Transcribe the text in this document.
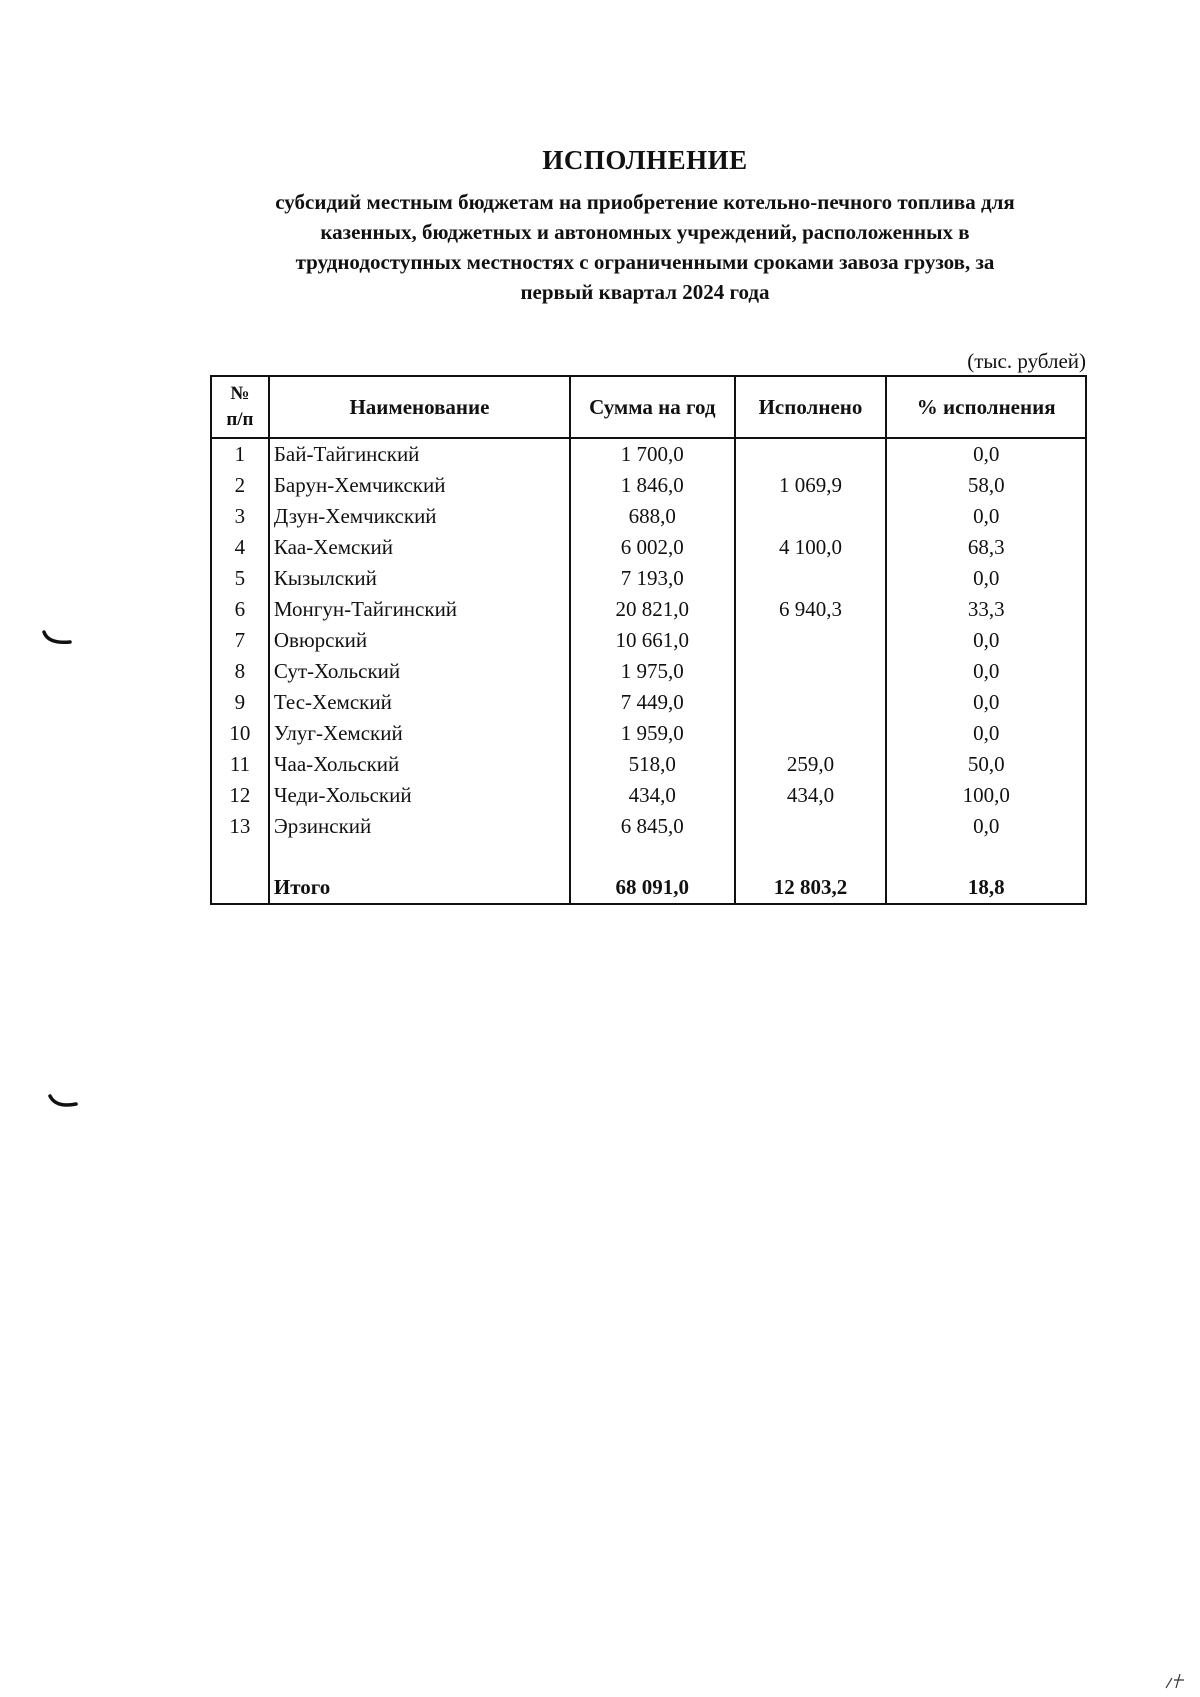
ИСПОЛНЕНИЕ
субсидий местным бюджетам на приобретение котельно-печного топлива для
казенных, бюджетных и автономных учреждений, расположенных в
труднодоступных местностях с ограниченными сроками завоза грузов, за
первый квартал 2024 года
(тыс. рублей)
№
п/п	Наименование	Сумма на год	Исполнено	% исполнения
1	Бай-Тайгинский	1 700,0		0,0
2	Барун-Хемчикский	1 846,0	1 069,9	58,0
3	Дзун-Хемчикский	688,0		0,0
4	Каа-Хемский	6 002,0	4 100,0	68,3
5	Кызылский	7 193,0		0,0
6	Монгун-Тайгинский	20 821,0	6 940,3	33,3
7	Овюрский	10 661,0		0,0
8	Сут-Хольский	1 975,0		0,0
9	Тес-Хемский	7 449,0		0,0
10	Улуг-Хемский	1 959,0		0,0
11	Чаа-Хольский	518,0	259,0	50,0
12	Чеди-Хольский	434,0	434,0	100,0
13	Эрзинский	6 845,0		0,0

	Итого	68 091,0	12 803,2	18,8
